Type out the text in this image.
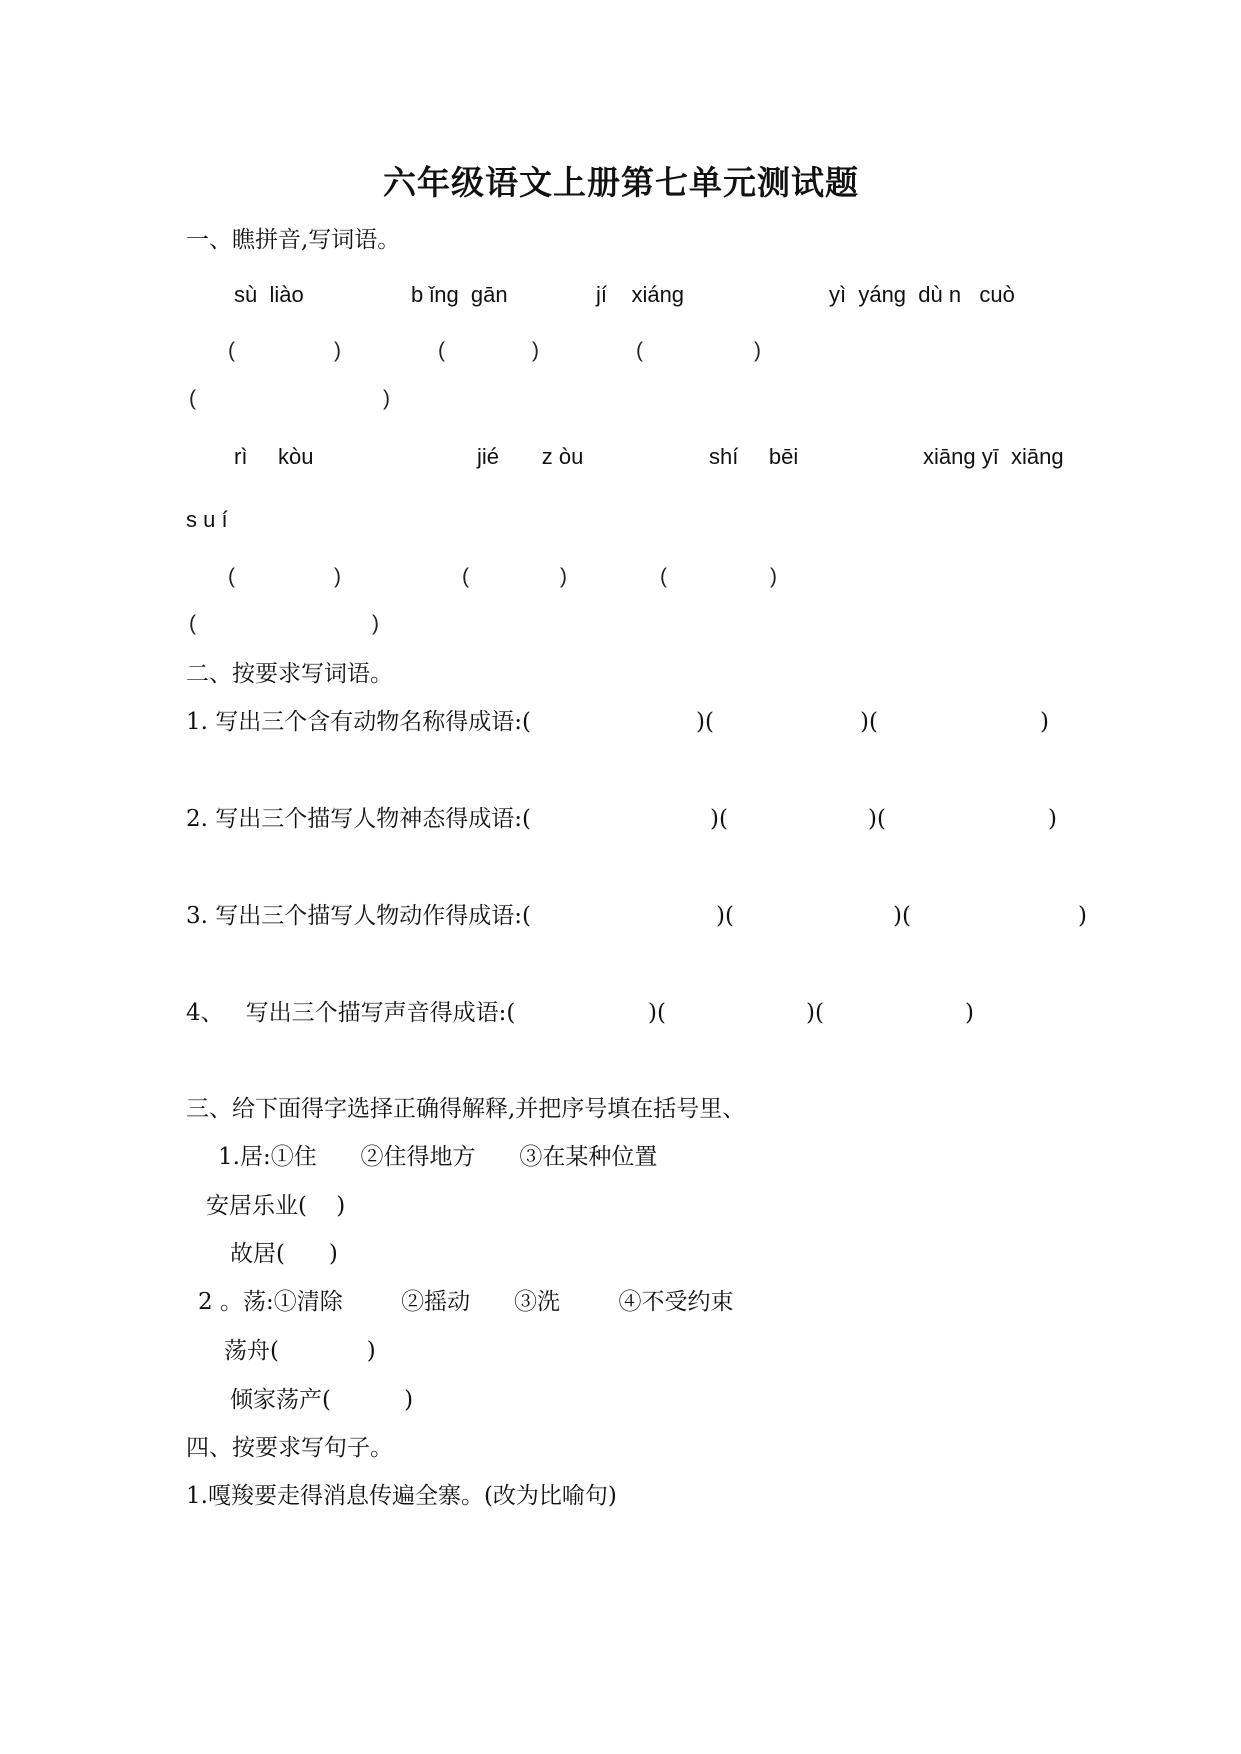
六年级语文上册第七单元测试题
一、瞧拼音,写词语。
sù  liào	b ǐng  gān	jí    xiáng	yì  yáng  dù n   cuò
(	)	(	)	(	)
(	)
rì     kòu	jié       z òu	shí     bēi	xiāng yī  xiāng
s u í
(	)	(	)	(	)
(	)
二、按要求写词语。
1. 写出三个含有动物名称得成语:(	)(	)(	)
2. 写出三个描写人物神态得成语:(	)(	)(	)
3. 写出三个描写人物动作得成语:(	)(	)(	)
4、   写出三个描写声音得成语:(	)(	)(	)
三、给下面得字选择正确得解释,并把序号填在括号里、
1.居:①住      ②住得地方      ③在某种位置
安居乐业(    )
故居(      )
2 。荡:①清除        ②摇动      ③洗        ④不受约束
荡舟(            )
倾家荡产(          )
四、按要求写句子。
1.嘎羧要走得消息传遍全寨。(改为比喻句)
